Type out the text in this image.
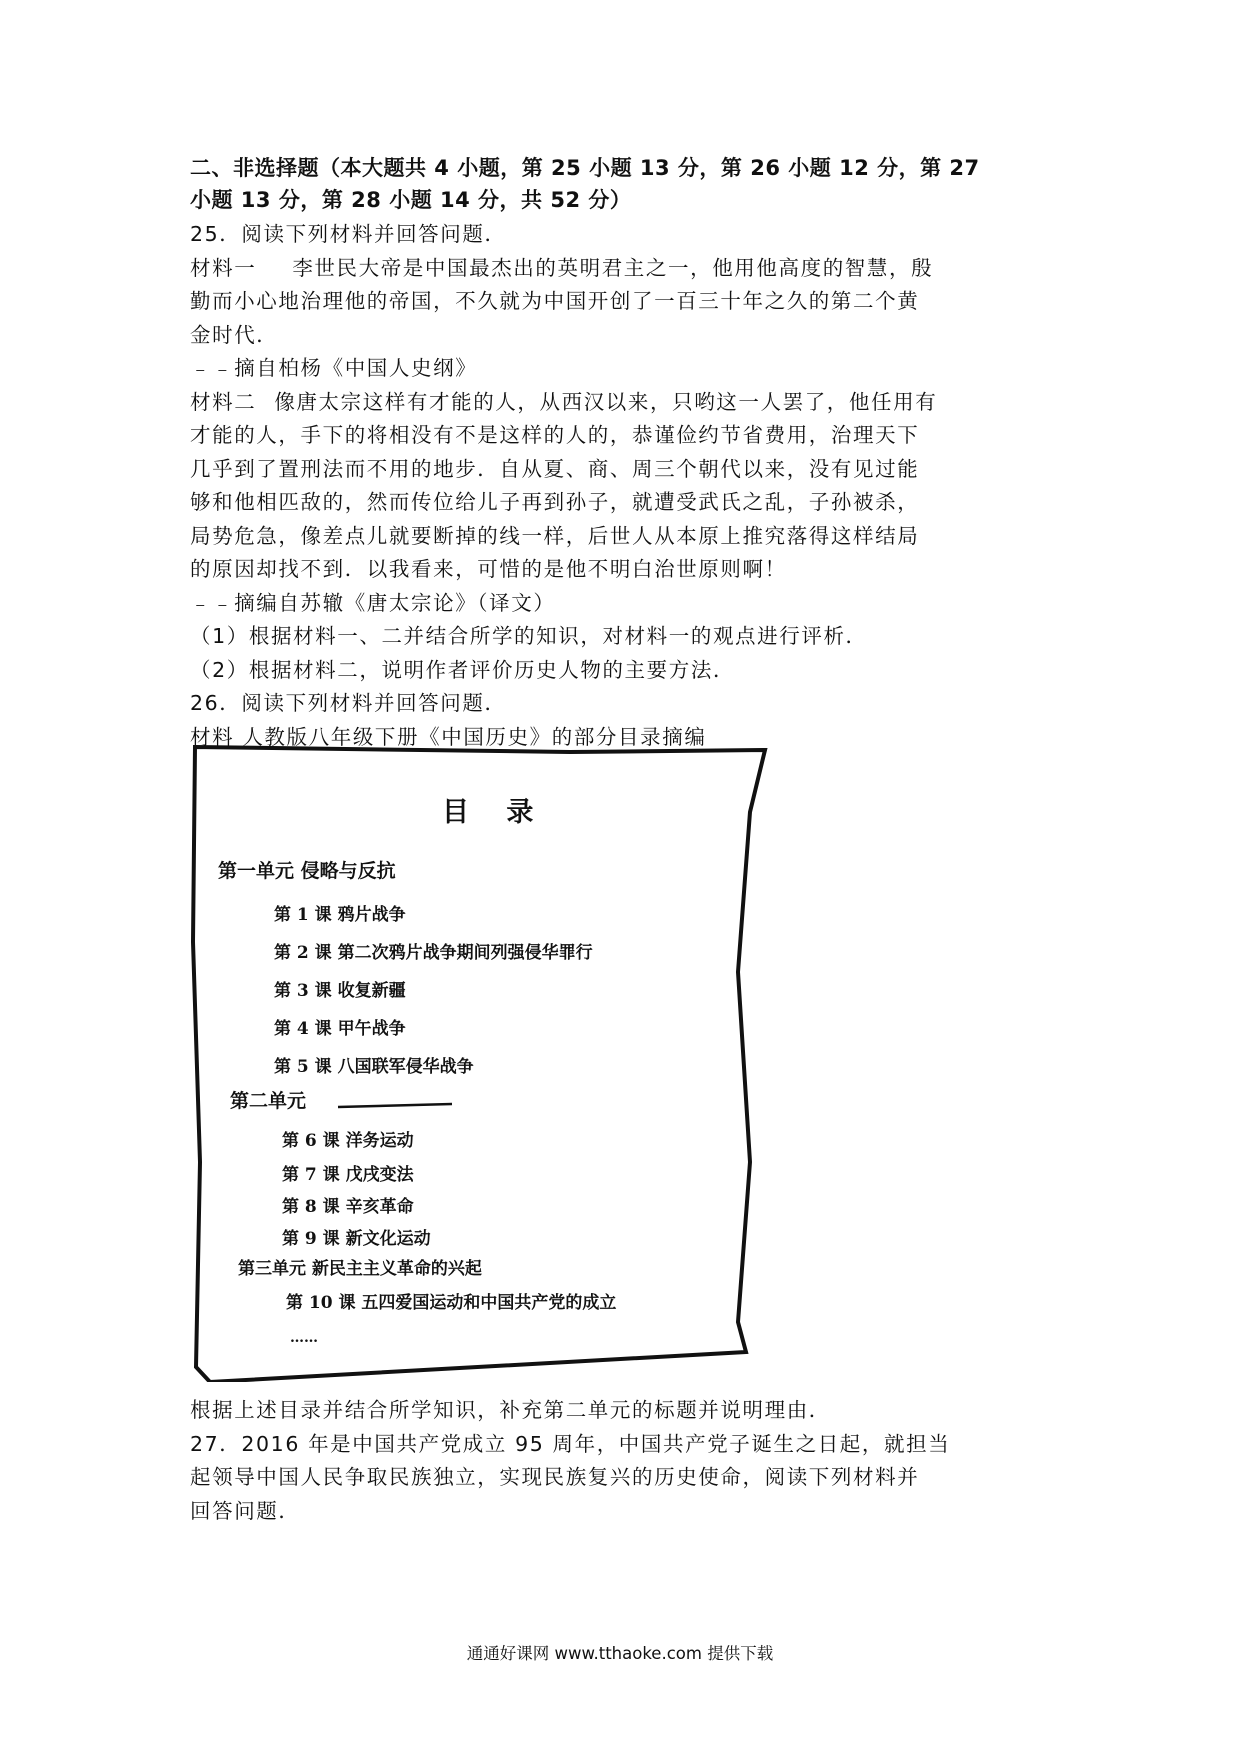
二、非选择题（本大题共 4 小题，第 25 小题 13 分，第 26 小题 12 分，第 27
小题 13 分，第 28 小题 14 分，共 52 分）
25．阅读下列材料并回答问题．
材料一 李世民大帝是中国最杰出的英明君主之一，他用他高度的智慧，殷
勤而小心地治理他的帝国，不久就为中国开创了一百三十年之久的第二个黄
金时代．
﹣﹣摘自柏杨《中国人史纲》
材料二 像唐太宗这样有才能的人，从西汉以来，只哟这一人罢了，他任用有
才能的人，手下的将相没有不是这样的人的，恭谨俭约节省费用，治理天下
几乎到了置刑法而不用的地步．自从夏、商、周三个朝代以来，没有见过能
够和他相匹敌的，然而传位给儿子再到孙子，就遭受武氏之乱，子孙被杀，
局势危急，像差点儿就要断掉的线一样，后世人从本原上推究落得这样结局
的原因却找不到．以我看来，可惜的是他不明白治世原则啊！
﹣﹣摘编自苏辙《唐太宗论》（译文）
（1）根据材料一、二并结合所学的知识，对材料一的观点进行评析．
（2）根据材料二，说明作者评价历史人物的主要方法．
26．阅读下列材料并回答问题．
材料 人教版八年级下册《中国历史》的部分目录摘编
目 录
第一单元 侵略与反抗
第 1 课 鸦片战争
第 2 课 第二次鸦片战争期间列强侵华罪行
第 3 课 收复新疆
第 4 课 甲午战争
第 5 课 八国联军侵华战争
第二单元
第 6 课 洋务运动
第 7 课 戊戌变法
第 8 课 辛亥革命
第 9 课 新文化运动
第三单元 新民主主义革命的兴起
第 10 课 五四爱国运动和中国共产党的成立
……
根据上述目录并结合所学知识，补充第二单元的标题并说明理由．
27．2016 年是中国共产党成立 95 周年，中国共产党子诞生之日起，就担当
起领导中国人民争取民族独立，实现民族复兴的历史使命，阅读下列材料并
回答问题．
通通好课网 www.tthaoke.com 提供下载
